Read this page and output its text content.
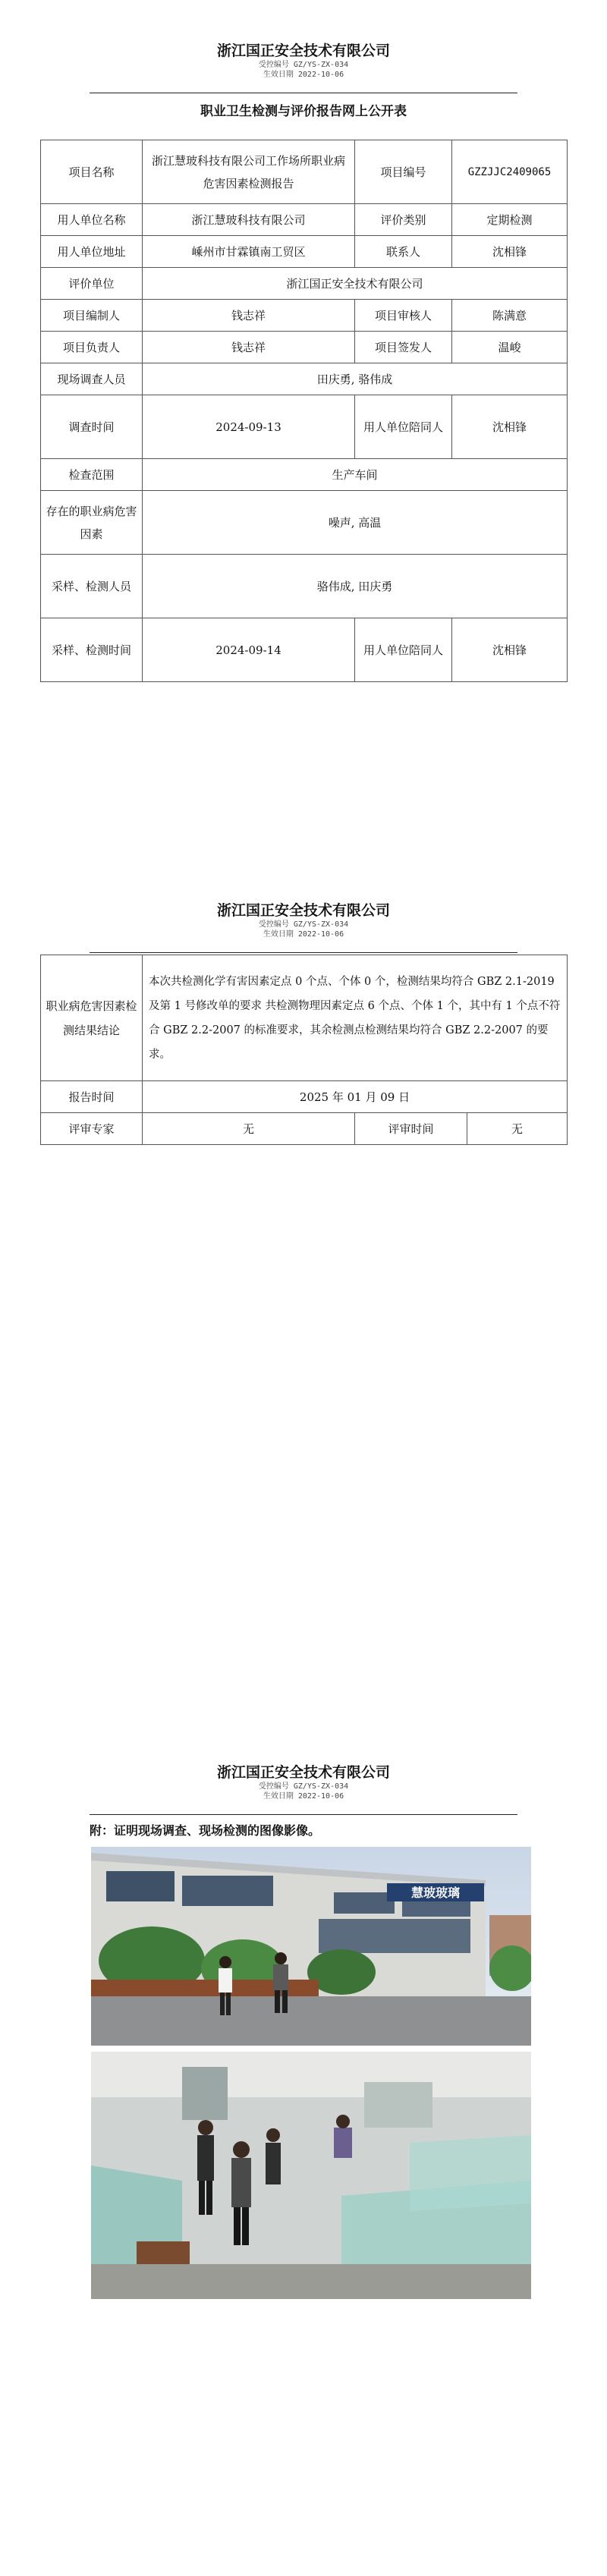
浙江国正安全技术有限公司
受控编号 GZ/YS-ZX-034
生效日期 2022-10-06
职业卫生检测与评价报告网上公开表
项目名称	浙江慧玻科技有限公司工作场所职业病危害因素检测报告	项目编号	GZZJJC2409065
用人单位名称	浙江慧玻科技有限公司	评价类别	定期检测
用人单位地址	嵊州市甘霖镇南工贸区	联系人	沈相锋
评价单位	浙江国正安全技术有限公司		
项目编制人	钱志祥	项目审核人	陈满意
项目负责人	钱志祥	项目签发人	温峻
现场调查人员	田庆勇, 骆伟成		
调查时间	2024-09-13	用人单位陪同人	沈相锋
检查范围	生产车间		
存在的职业病危害因素	噪声, 高温		
采样、检测人员	骆伟成, 田庆勇		
采样、检测时间	2024-09-14	用人单位陪同人	沈相锋
浙江国正安全技术有限公司
受控编号 GZ/YS-ZX-034
生效日期 2022-10-06
职业病危害因素检测结果结论	本次共检测化学有害因素定点 0 个点、个体 0 个，检测结果均符合 GBZ 2.1-2019 及第 1 号修改单的要求 共检测物理因素定点 6 个点、个体 1 个，其中有 1 个点不符合 GBZ 2.2-2007 的标准要求，其余检测点检测结果均符合 GBZ 2.2-2007 的要求。		
报告时间	2025 年 01 月 09 日		
评审专家	无	评审时间	无
浙江国正安全技术有限公司
受控编号 GZ/YS-ZX-034
生效日期 2022-10-06
附：证明现场调查、现场检测的图像影像。
慧玻玻璃
